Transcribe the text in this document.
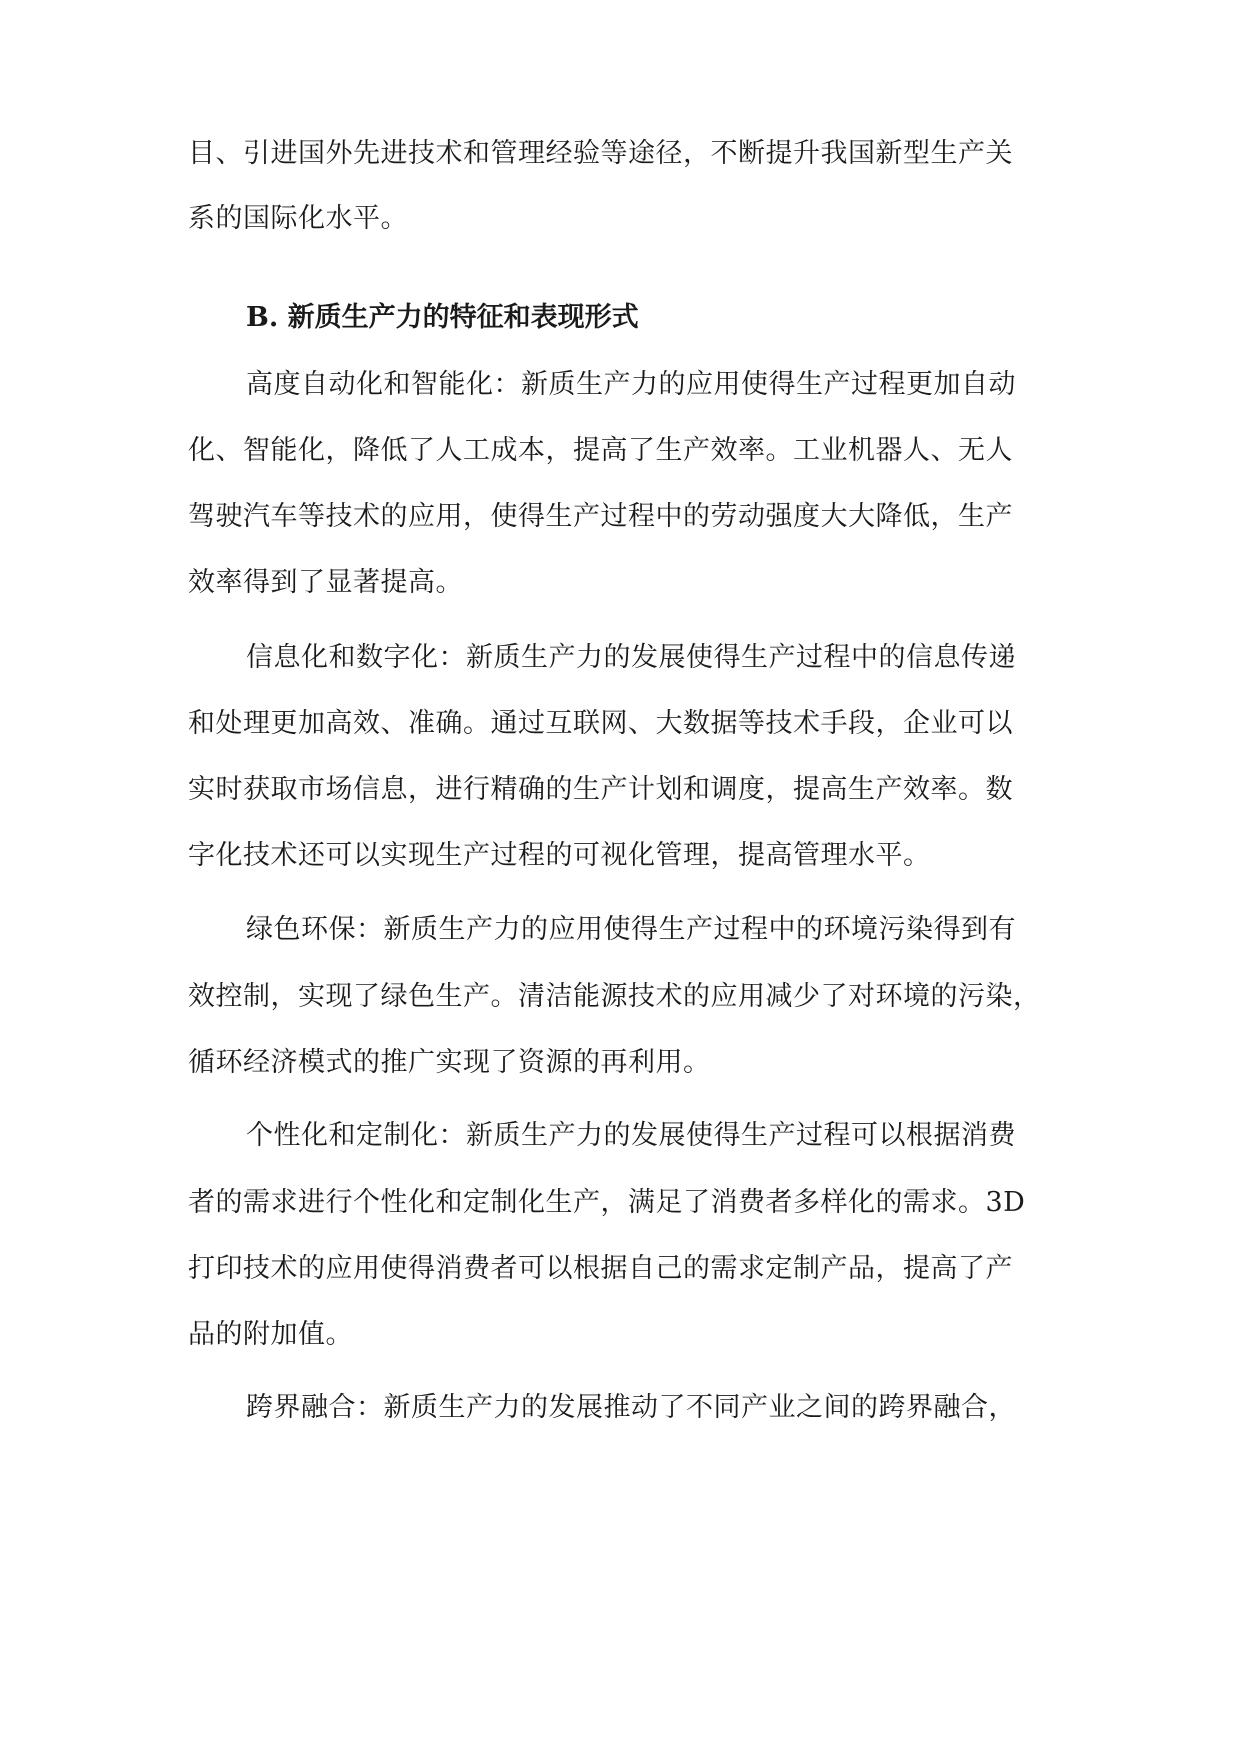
目、引进国外先进技术和管理经验等途径，不断提升我国新型生产关
系的国际化水平。
B. 新质生产力的特征和表现形式
高度自动化和智能化：新质生产力的应用使得生产过程更加自动
化、智能化，降低了人工成本，提高了生产效率。工业机器人、无人
驾驶汽车等技术的应用，使得生产过程中的劳动强度大大降低，生产
效率得到了显著提高。
信息化和数字化：新质生产力的发展使得生产过程中的信息传递
和处理更加高效、准确。通过互联网、大数据等技术手段，企业可以
实时获取市场信息，进行精确的生产计划和调度，提高生产效率。数
字化技术还可以实现生产过程的可视化管理，提高管理水平。
绿色环保：新质生产力的应用使得生产过程中的环境污染得到有
效控制，实现了绿色生产。清洁能源技术的应用减少了对环境的污染，
循环经济模式的推广实现了资源的再利用。
个性化和定制化：新质生产力的发展使得生产过程可以根据消费
者的需求进行个性化和定制化生产，满足了消费者多样化的需求。3D
打印技术的应用使得消费者可以根据自己的需求定制产品，提高了产
品的附加值。
跨界融合：新质生产力的发展推动了不同产业之间的跨界融合，
